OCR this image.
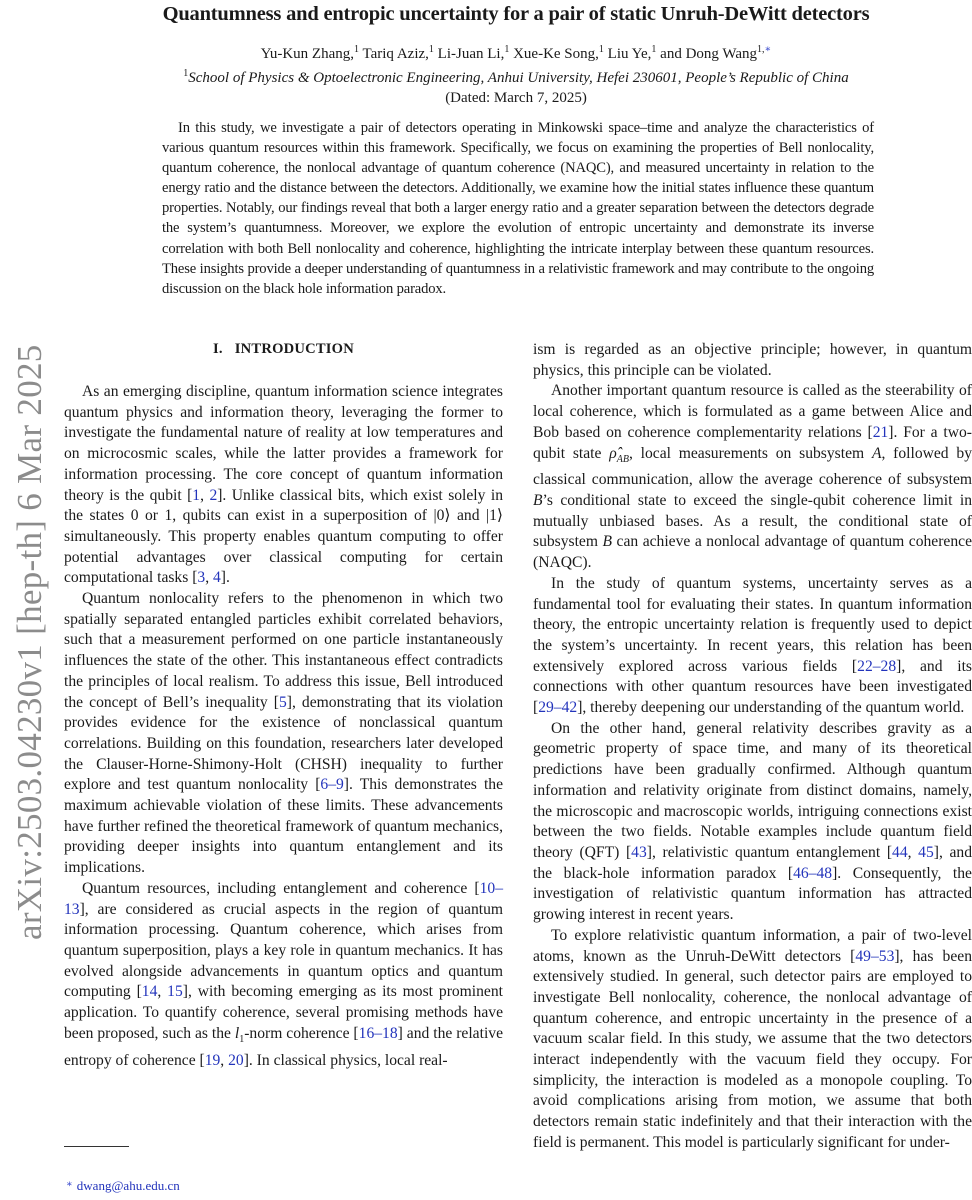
arXiv:2503.04230v1 [hep-th] 6 Mar 2025
Quantumness and entropic uncertainty for a pair of static Unruh-DeWitt detectors
Yu-Kun Zhang,$^1$ Tariq Aziz,$^1$ Li-Juan Li,$^1$ Xue-Ke Song,$^1$ Liu Ye,$^1$ and Dong Wang$^{1,∗}$
$^1$School of Physics & Optoelectronic Engineering, Anhui University, Hefei 230601, People’s Republic of China
(Dated: March 7, 2025)

In this study, we investigate a pair of detectors operating in Minkowski space–time and analyze the characteristics of various quantum resources within this framework. Specifically, we focus on examining the properties of Bell nonlocality, quantum coherence, the nonlocal advantage of quantum coherence (NAQC), and measured uncertainty in relation to the energy ratio and the distance between the detectors. Additionally, we examine how the initial states influence these quantum properties. Notably, our findings reveal that both a larger energy ratio and a greater separation between the detectors degrade the system’s quantumness. Moreover, we explore the evolution of entropic uncertainty and demonstrate its inverse correlation with both Bell nonlocality and coherence, highlighting the intricate interplay between these quantum resources. These insights provide a deeper understanding of quantumness in a relativistic framework and may contribute to the ongoing discussion on the black hole information paradox.

I. INTRODUCTION

As an emerging discipline, quantum information science integrates quantum physics and information theory, leveraging the former to investigate the fundamental nature of reality at low temperatures and on microcosmic scales, while the latter provides a framework for information processing. The core concept of quantum information theory is the qubit [1, 2]. Unlike classical bits, which exist solely in the states 0 or 1, qubits can exist in a superposition of |0⟩ and |1⟩ simultaneously. This property enables quantum computing to offer potential advantages over classical computing for certain computational tasks [3, 4].

Quantum nonlocality refers to the phenomenon in which two spatially separated entangled particles exhibit correlated behaviors, such that a measurement performed on one particle instantaneously influences the state of the other. This instantaneous effect contradicts the principles of local realism. To address this issue, Bell introduced the concept of Bell’s inequality [5], demonstrating that its violation provides evidence for the existence of nonclassical quantum correlations. Building on this foundation, researchers later developed the Clauser-Horne-Shimony-Holt (CHSH) inequality to further explore and test quantum nonlocality [6–9]. This demonstrates the maximum achievable violation of these limits. These advancements have further refined the theoretical framework of quantum mechanics, providing deeper insights into quantum entanglement and its implications.

Quantum resources, including entanglement and coherence [10–13], are considered as crucial aspects in the region of quantum information processing. Quantum coherence, which arises from quantum superposition, plays a key role in quantum mechanics. It has evolved alongside advancements in quantum optics and quantum computing [14, 15], with becoming emerging as its most prominent application. To quantify coherence, several promising methods have been proposed, such as the $l_1$-norm coherence [16–18] and the relative entropy of coherence [19, 20]. In classical physics, local real-

ism is regarded as an objective principle; however, in quantum physics, this principle can be violated.

Another important quantum resource is called as the steerability of local coherence, which is formulated as a game between Alice and Bob based on coherence complementarity relations [21]. For a two-qubit state $\rhô_{AB}$, local measurements on subsystem A, followed by classical communication, allow the average coherence of subsystem B’s conditional state to exceed the single-qubit coherence limit in mutually unbiased bases. As a result, the conditional state of subsystem B can achieve a nonlocal advantage of quantum coherence (NAQC).

In the study of quantum systems, uncertainty serves as a fundamental tool for evaluating their states. In quantum information theory, the entropic uncertainty relation is frequently used to depict the system’s uncertainty. In recent years, this relation has been extensively explored across various fields [22–28], and its connections with other quantum resources have been investigated [29–42], thereby deepening our understanding of the quantum world.

On the other hand, general relativity describes gravity as a geometric property of space time, and many of its theoretical predictions have been gradually confirmed. Although quantum information and relativity originate from distinct domains, namely, the microscopic and macroscopic worlds, intriguing connections exist between the two fields. Notable examples include quantum field theory (QFT) [43], relativistic quantum entanglement [44, 45], and the black-hole information paradox [46–48]. Consequently, the investigation of relativistic quantum information has attracted growing interest in recent years.

To explore relativistic quantum information, a pair of two-level atoms, known as the Unruh-DeWitt detectors [49–53], has been extensively studied. In general, such detector pairs are employed to investigate Bell nonlocality, coherence, the nonlocal advantage of quantum coherence, and entropic uncertainty in the presence of a vacuum scalar field. In this study, we assume that the two detectors interact independently with the vacuum field they occupy. For simplicity, the interaction is modeled as a monopole coupling. To avoid complications arising from motion, we assume that both detectors remain static indefinitely and that their interaction with the field is permanent. This model is particularly significant for under-

∗ dwang@ahu.edu.cn
